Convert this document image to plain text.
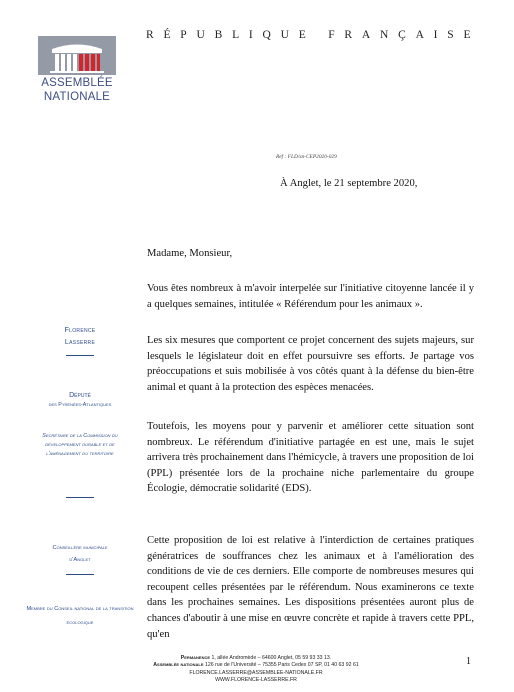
ASSEMBLÉE
NATIONALE
RÉPUBLIQUE FRANÇAISE
Ref : FLD/sn-CEP2020-029
À Anglet, le 21 septembre 2020,
Florence
Lasserre
Député
des Pyrénées-Atlantiques
Secrétaire de la Commission du développement durable et de l'aménagement du territoire
Conseillère municipale d'Anglet
Membre du Conseil national de la transition écologique
Madame, Monsieur,
Vous êtes nombreux à m'avoir interpelée sur l'initiative citoyenne lancée il y a quelques semaines, intitulée « Référendum pour les animaux ».
Les six mesures que comportent ce projet concernent des sujets majeurs, sur lesquels le législateur doit en effet poursuivre ses efforts. Je partage vos préoccupations et suis mobilisée à vos côtés quant à la défense du bien-être animal et quant à la protection des espèces menacées.
Toutefois, les moyens pour y parvenir et améliorer cette situation sont nombreux. Le référendum d'initiative partagée en est une, mais le sujet arrivera très prochainement dans l'hémicycle, à travers une proposition de loi (PPL) présentée lors de la prochaine niche parlementaire du groupe Écologie, démocratie solidarité (EDS).
Cette proposition de loi est relative à l'interdiction de certaines pratiques génératrices de souffrances chez les animaux et à l'amélioration des conditions de vie de ces derniers. Elle comporte de nombreuses mesures qui recoupent celles présentées par le référendum. Nous examinerons ce texte dans les prochaines semaines. Les dispositions présentées auront plus de chances d'aboutir à une mise en œuvre concrète et rapide à travers cette PPL, qu'en
Permanence 1, allée Andromède – 64600 Anglet, 05 59 93 33 13.
Assemblée nationale 126 rue de l'Université – 75355 Paris Cedex 07 SP, 01 40 63 92 61
FLORENCE.LASSERRE@ASSEMBLEE-NATIONALE.FR
WWW.FLORENCE-LASSERRE.FR
1
